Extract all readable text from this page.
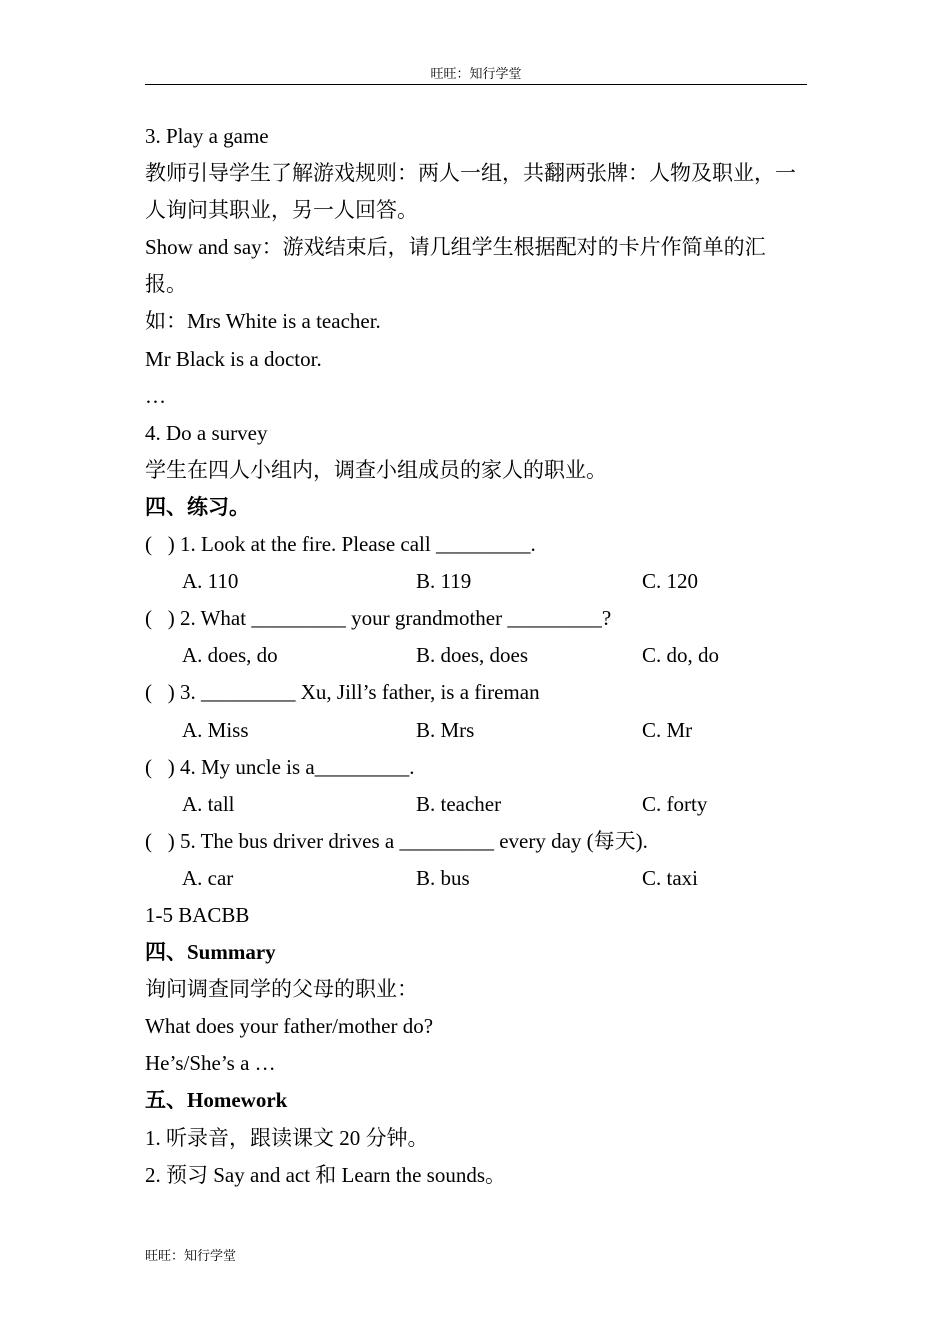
旺旺：知行学堂
3. Play a game
教师引导学生了解游戏规则：两人一组，共翻两张牌：人物及职业，一人询问其职业，另一人回答。
Show and say：游戏结束后，请几组学生根据配对的卡片作简单的汇报。
如：Mrs White is a teacher.
Mr Black is a doctor.
…
4. Do a survey
学生在四人小组内，调查小组成员的家人的职业。
四、练习。
(   ) 1. Look at the fire. Please call _________.
A. 110	B. 119	C. 120
(   ) 2. What _________ your grandmother _________?
A. does, do	B. does, does	C. do, do
(   ) 3. _________ Xu, Jill’s father, is a fireman
A. Miss	B. Mrs	C. Mr
(   ) 4. My uncle is a_________.
A. tall	B. teacher	C. forty
(   ) 5. The bus driver drives a _________ every day (每天).
A. car	B. bus	C. taxi
1-5 BACBB
四、Summary
询问调查同学的父母的职业：
What does your father/mother do?
He’s/She’s a …
五、Homework
1. 听录音，跟读课文 20 分钟。
2. 预习 Say and act 和 Learn the sounds。
旺旺：知行学堂
